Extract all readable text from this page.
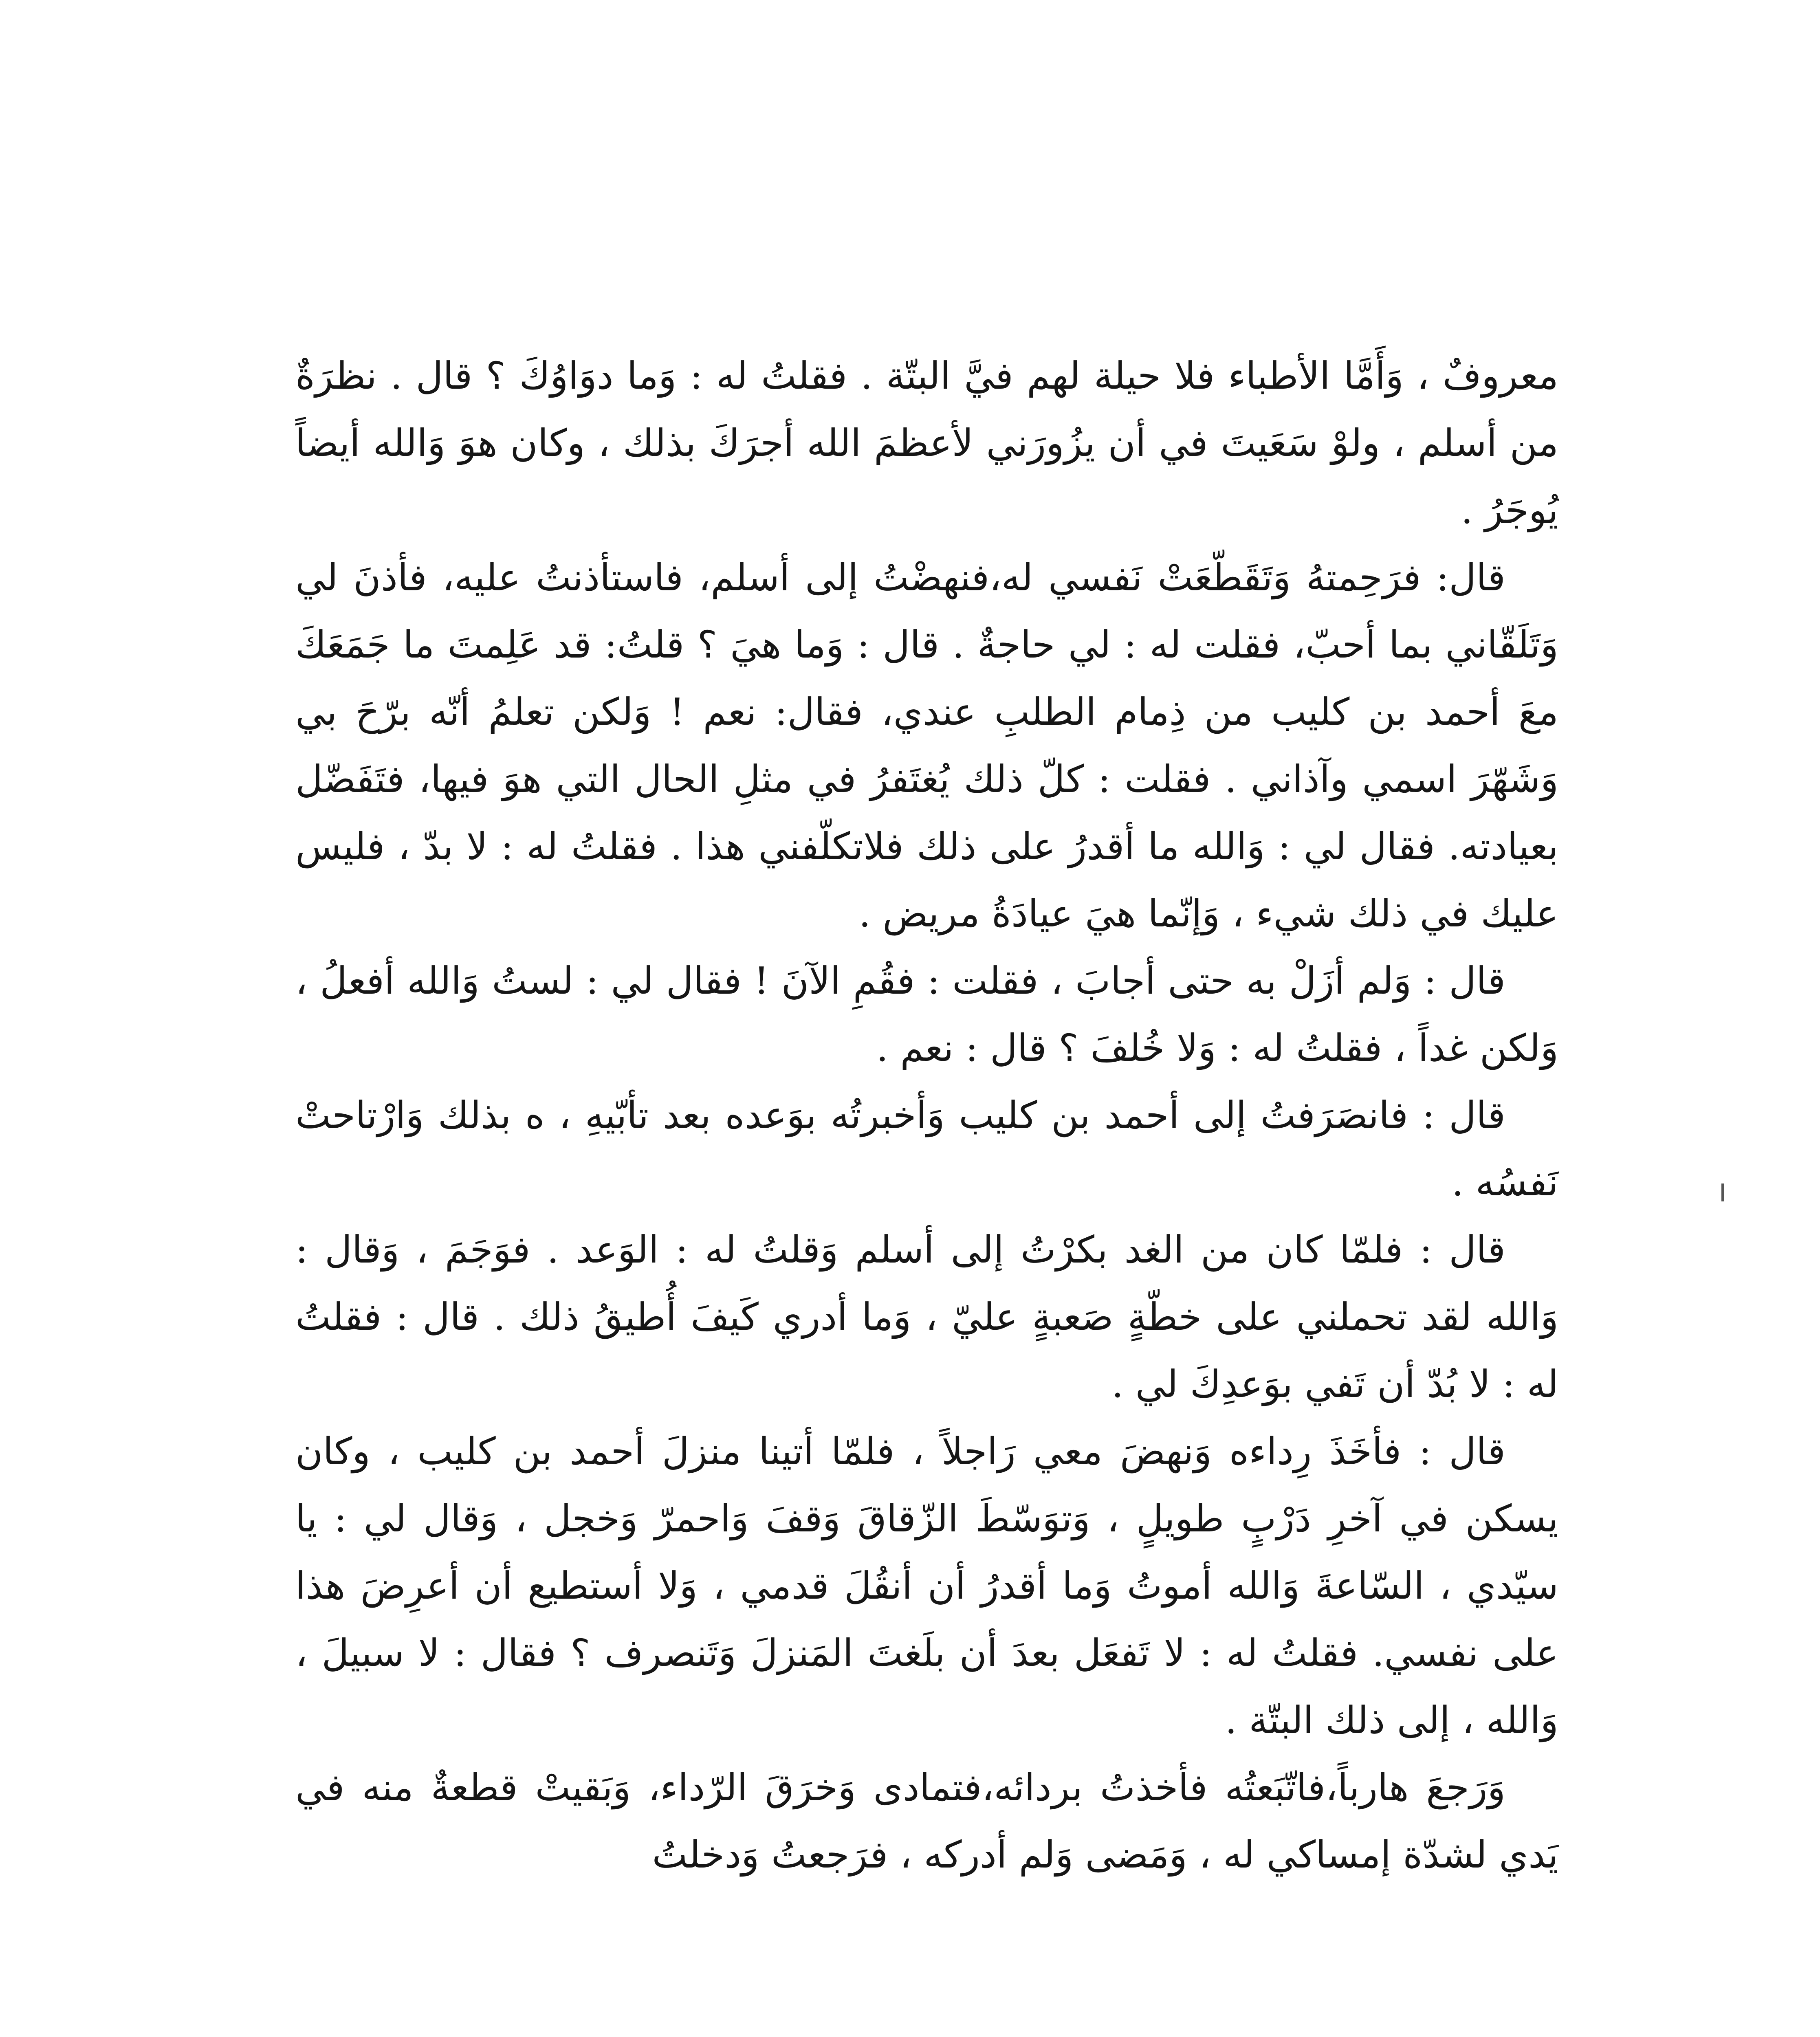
معروفٌ ، وَأَمَّا الأطباء فلا حيلة لهم فيَّ البتّة . فقلتُ له : وَما دوَاوُكَ ؟ قال . نظرَةٌ من أسلم ، ولوْ سَعَيتَ في أن يزُورَني لأعظمَ الله أجرَكَ بذلك ، وكان هوَ وَالله أيضاً يُوجَرُ .

قال: فرَحِمتهُ وَتَقَطّعَتْ نَفسي له،فنهضْتُ إلى أسلم، فاستأذنتُ عليه، فأذنَ لي وَتَلَقّاني بما أحبّ، فقلت له : لي حاجةٌ . قال : وَما هيَ ؟ قلتُ: قد عَلِمتَ ما جَمَعَكَ معَ أحمد بن كليب من ذِمام الطلبِ عندي، فقال: نعم ! وَلكن تعلمُ أنّه برّحَ بي وَشَهّرَ اسمي وآذاني . فقلت : كلّ ذلك يُغتَفرُ في مثلِ الحال التي هوَ فيها، فتَفَضّل بعيادته. فقال لي : وَالله ما أقدرُ على ذلك فلاتكلّفني هذا . فقلتُ له : لا بدّ ، فليس عليك في ذلك شيء ، وَإنّما هيَ عيادَةُ مريض .

قال : وَلم أزَلْ به حتى أجابَ ، فقلت : فقُمِ الآنَ ! فقال لي : لستُ وَالله أفعلُ ، وَلكن غداً ، فقلتُ له : وَلا خُلفَ ؟ قال : نعم .

قال : فانصَرَفتُ إلى أحمد بن كليب وَأخبرتُه بوَعده بعد تأبّيهِ ، ه بذلك وَارْتاحتْ نَفسُه .

قال : فلمّا كان من الغد بكرْتُ إلى أسلم وَقلتُ له : الوَعد . فوَجَمَ ، وَقال : وَالله لقد تحملني على خطّةٍ صَعبةٍ عليّ ، وَما أدري كَيفَ أُطيقُ ذلك . قال : فقلتُ له : لا بُدّ أن تَفي بوَعدِكَ لي .

قال : فأخَذَ رِداءه وَنهضَ معي رَاجلاً ، فلمّا أتينا منزلَ أحمد بن كليب ، وكان يسكن في آخرِ دَرْبٍ طويلٍ ، وَتوَسّطَ الزّقاقَ وَقفَ وَاحمرّ وَخجل ، وَقال لي : يا سيّدي ، السّاعةَ وَالله أموتُ وَما أقدرُ أن أنقُلَ قدمي ، وَلا أستطيع أن أعرِضَ هذا على نفسي. فقلتُ له : لا تَفعَل بعدَ أن بلَغتَ المَنزلَ وَتَنصرف ؟ فقال : لا سبيلَ ، وَالله ، إلى ذلك البتّة .

وَرَجعَ هارباً،فاتّبَعتُه فأخذتُ بردائه،فتمادى وَخرَقَ الرّداء، وَبَقيتْ قطعةٌ منه في يَدي لشدّة إمساكي له ، وَمَضى وَلم أدركه ، فرَجعتُ وَدخلتُ
